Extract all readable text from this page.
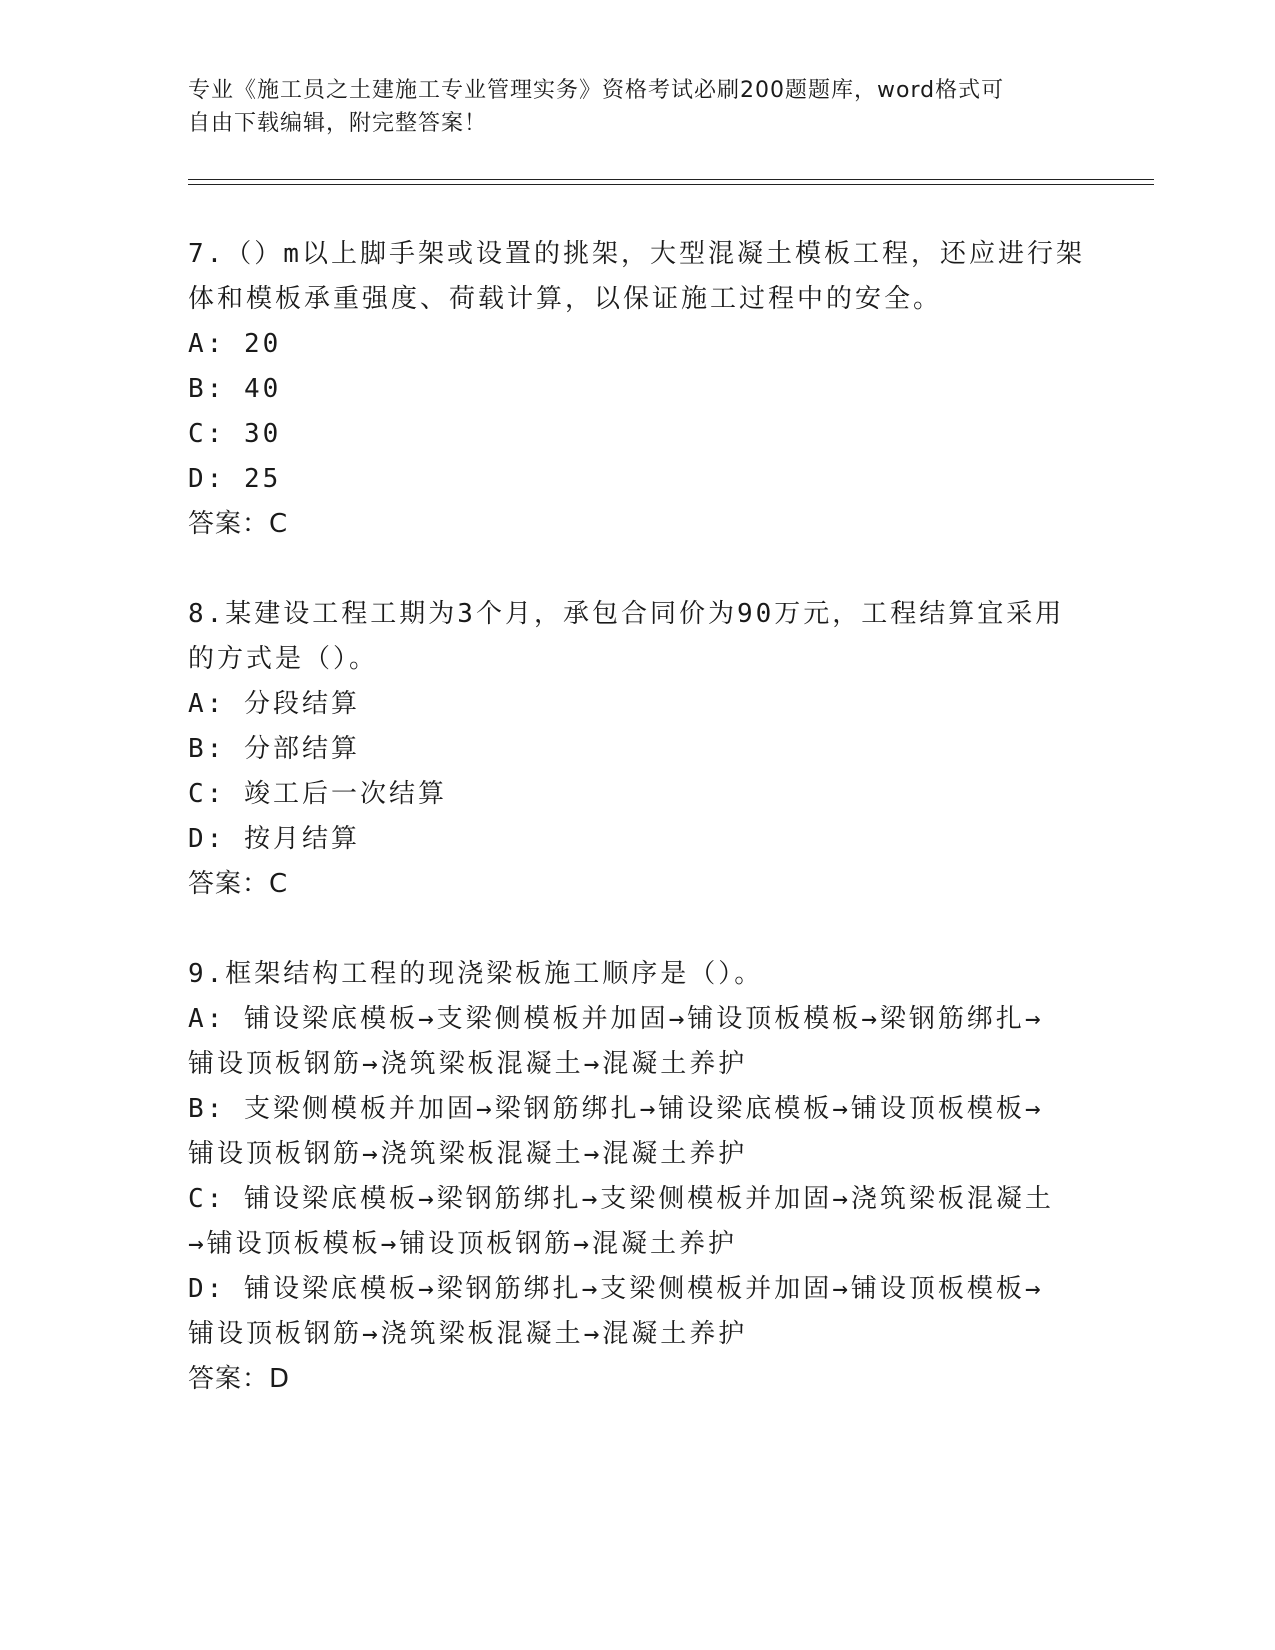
专业《施工员之土建施工专业管理实务》资格考试必刷200题题库，word格式可
自由下载编辑，附完整答案！
7.（）m以上脚手架或设置的挑架，大型混凝土模板工程，还应进行架
体和模板承重强度、荷载计算，以保证施工过程中的安全。
A: 20
B: 40
C: 30
D: 25
答案：C
8.某建设工程工期为3个月，承包合同价为90万元，工程结算宜采用
的方式是（）。
A: 分段结算
B: 分部结算
C: 竣工后一次结算
D: 按月结算
答案：C
9.框架结构工程的现浇梁板施工顺序是（）。
A: 铺设梁底模板→支梁侧模板并加固→铺设顶板模板→梁钢筋绑扎→
铺设顶板钢筋→浇筑梁板混凝土→混凝土养护
B: 支梁侧模板并加固→梁钢筋绑扎→铺设梁底模板→铺设顶板模板→
铺设顶板钢筋→浇筑梁板混凝土→混凝土养护
C: 铺设梁底模板→梁钢筋绑扎→支梁侧模板并加固→浇筑梁板混凝土
→铺设顶板模板→铺设顶板钢筋→混凝土养护
D: 铺设梁底模板→梁钢筋绑扎→支梁侧模板并加固→铺设顶板模板→
铺设顶板钢筋→浇筑梁板混凝土→混凝土养护
答案：D
